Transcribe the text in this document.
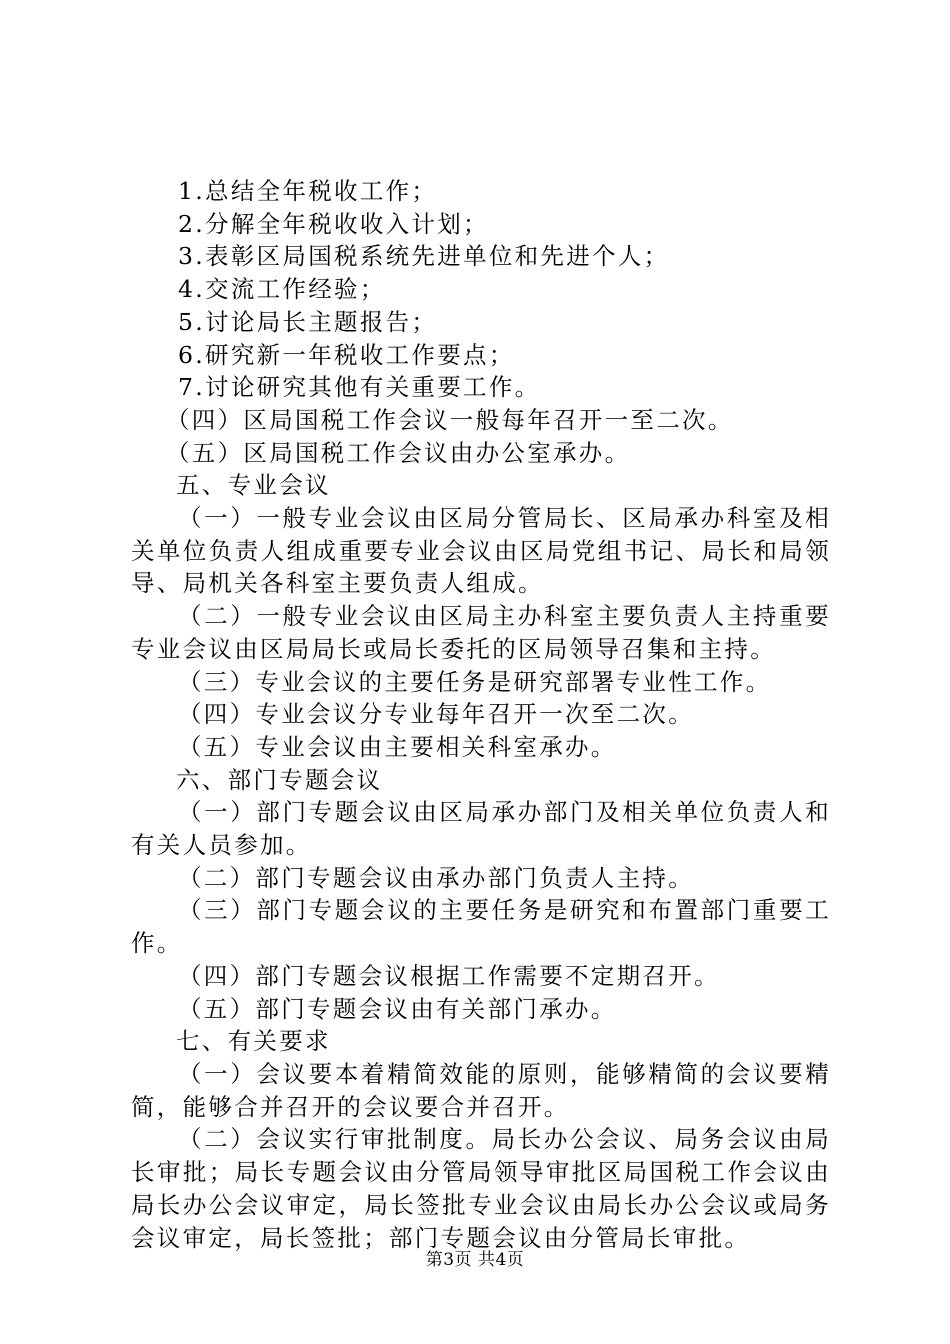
1.总结全年税收工作；

2.分解全年税收收入计划；

3.表彰区局国税系统先进单位和先进个人；

4.交流工作经验；

5.讨论局长主题报告；

6.研究新一年税收工作要点；

7.讨论研究其他有关重要工作。

（四）区局国税工作会议一般每年召开一至二次。

（五）区局国税工作会议由办公室承办。

五、专业会议

（一）一般专业会议由区局分管局长、区局承办科室及相关单位负责人组成重要专业会议由区局党组书记、局长和局领导、局机关各科室主要负责人组成。

（二）一般专业会议由区局主办科室主要负责人主持重要专业会议由区局局长或局长委托的区局领导召集和主持。

（三）专业会议的主要任务是研究部署专业性工作。

（四）专业会议分专业每年召开一次至二次。

（五）专业会议由主要相关科室承办。

六、部门专题会议

（一）部门专题会议由区局承办部门及相关单位负责人和有关人员参加。

（二）部门专题会议由承办部门负责人主持。

（三）部门专题会议的主要任务是研究和布置部门重要工作。

（四）部门专题会议根据工作需要不定期召开。

（五）部门专题会议由有关部门承办。

七、有关要求

（一）会议要本着精简效能的原则，能够精简的会议要精简，能够合并召开的会议要合并召开。

（二）会议实行审批制度。局长办公会议、局务会议由局长审批；局长专题会议由分管局领导审批区局国税工作会议由局长办公会议审定，局长签批专业会议由局长办公会议或局务会议审定，局长签批；部门专题会议由分管局长审批。

第3页 共4页
